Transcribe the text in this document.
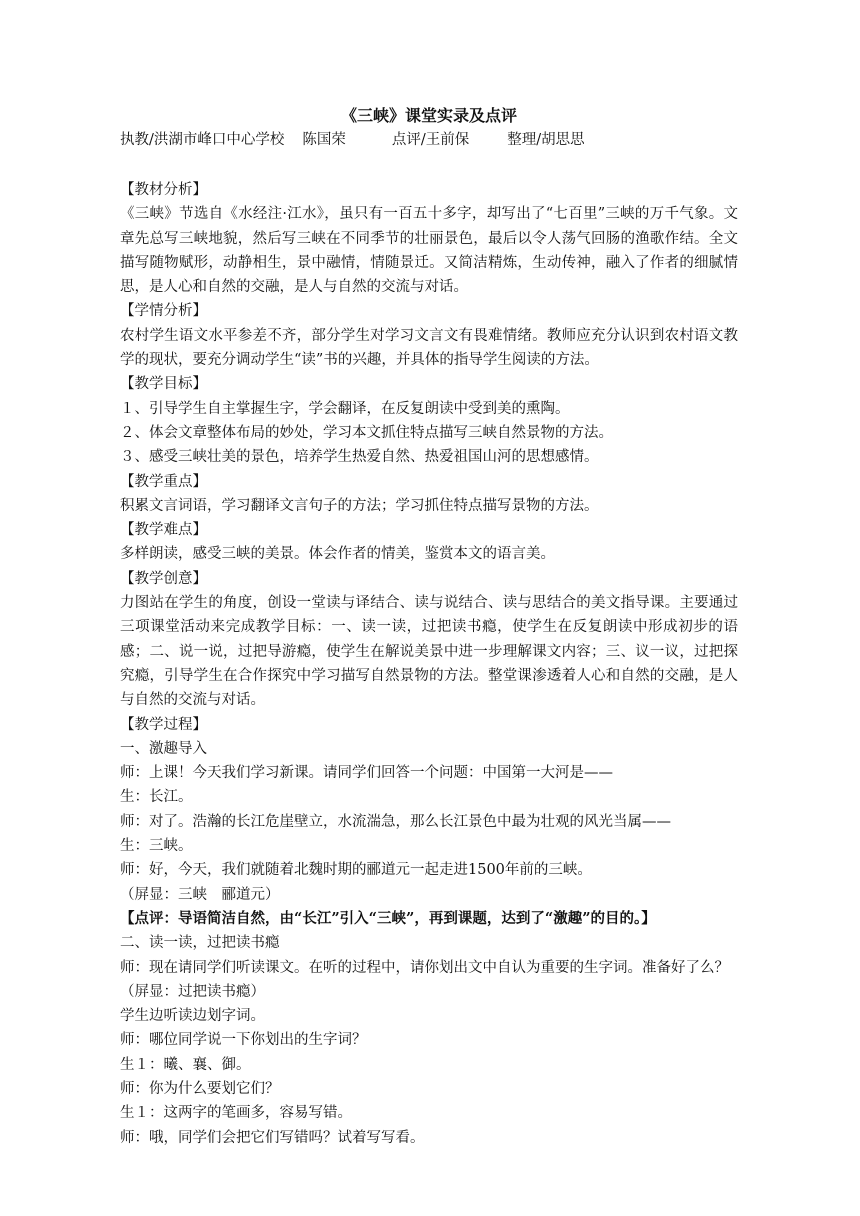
《三峡》课堂实录及点评

执教/洪湖市峰口中心学校 陈国荣	点评/王前保	整理/胡思思

【教材分析】

《三峡》节选自《水经注·江水》，虽只有一百五十多字，却写出了“七百里”三峡的万千气象。文章先总写三峡地貌，然后写三峡在不同季节的壮丽景色，最后以令人荡气回肠的渔歌作结。全文描写随物赋形，动静相生，景中融情，情随景迁。又简洁精炼，生动传神，融入了作者的细腻情思，是人心和自然的交融，是人与自然的交流与对话。

【学情分析】

农村学生语文水平参差不齐，部分学生对学习文言文有畏难情绪。教师应充分认识到农村语文教学的现状，要充分调动学生“读”书的兴趣，并具体的指导学生阅读的方法。

【教学目标】

１、引导学生自主掌握生字，学会翻译，在反复朗读中受到美的熏陶。

２、体会文章整体布局的妙处，学习本文抓住特点描写三峡自然景物的方法。

３、感受三峡壮美的景色，培养学生热爱自然、热爱祖国山河的思想感情。

【教学重点】

积累文言词语，学习翻译文言句子的方法；学习抓住特点描写景物的方法。

【教学难点】

多样朗读，感受三峡的美景。体会作者的情美，鉴赏本文的语言美。

【教学创意】

力图站在学生的角度，创设一堂读与译结合、读与说结合、读与思结合的美文指导课。主要通过三项课堂活动来完成教学目标：一、读一读，过把读书瘾，使学生在反复朗读中形成初步的语感；二、说一说，过把导游瘾，使学生在解说美景中进一步理解课文内容；三、议一议，过把探究瘾，引导学生在合作探究中学习描写自然景物的方法。整堂课渗透着人心和自然的交融，是人与自然的交流与对话。

【教学过程】

一、激趣导入

师：上课！今天我们学习新课。请同学们回答一个问题：中国第一大河是——

生：长江。

师：对了。浩瀚的长江危崖壁立，水流湍急，那么长江景色中最为壮观的风光当属——

生：三峡。

师：好，今天，我们就随着北魏时期的郦道元一起走进1500年前的三峡。

（屏显：三峡　郦道元）

【点评：导语简洁自然，由“长江”引入“三峡”，再到课题，达到了“激趣”的目的。】

二、读一读，过把读书瘾

师：现在请同学们听读课文。在听的过程中，请你划出文中自认为重要的生字词。准备好了么？

（屏显：过把读书瘾）

学生边听读边划字词。

师：哪位同学说一下你划出的生字词？

生１：曦、襄、御。

师：你为什么要划它们？

生１：这两字的笔画多，容易写错。

师：哦，同学们会把它们写错吗？试着写写看。
